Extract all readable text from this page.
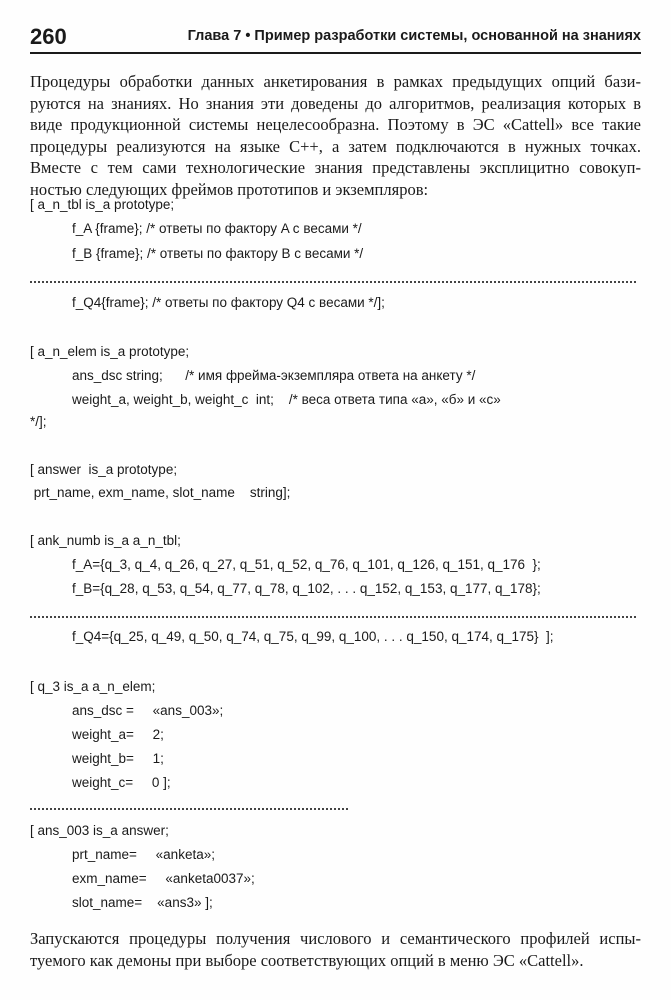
260	Глава 7 • Пример разработки системы, основанной на знаниях
Процедуры обработки данных анкетирования в рамках предыдущих опций бази-
руются на знаниях. Но знания эти доведены до алгоритмов, реализация которых в
виде продукционной системы нецелесообразна. Поэтому в ЭС «Cattell» все такие
процедуры реализуются на языке C++, а затем подключаются в нужных точках.
Вместе с тем сами технологические знания представлены эксплицитно совокуп-
ностью следующих фреймов прототипов и экземпляров:
[ a_n_tbl is_a prototype;
f_A {frame}; /* ответы по фактору A с весами */
f_B {frame}; /* ответы по фактору B с весами */
f_Q4{frame}; /* ответы по фактору Q4 с весами */];
[ a_n_elem is_a prototype;
ans_dsc string;      /* имя фрейма-экземпляра ответа на анкету */
weight_a, weight_b, weight_c  int;    /* веса ответа типа «a», «б» и «c»
*/];
[ answer  is_a prototype;
prt_name, exm_name, slot_name    string];
[ ank_numb is_a a_n_tbl;
f_A={q_3, q_4, q_26, q_27, q_51, q_52, q_76, q_101, q_126, q_151, q_176  };
f_B={q_28, q_53, q_54, q_77, q_78, q_102, . . . q_152, q_153, q_177, q_178};
f_Q4={q_25, q_49, q_50, q_74, q_75, q_99, q_100, . . . q_150, q_174, q_175}  ];
[ q_3 is_a a_n_elem;
ans_dsc =     «ans_003»;
weight_a=     2;
weight_b=     1;
weight_c=     0 ];
[ ans_003 is_a answer;
prt_name=     «anketa»;
exm_name=     «anketa0037»;
slot_name=    «ans3» ];
Запускаются процедуры получения числового и семантического профилей испы-
туемого как демоны при выборе соответствующих опций в меню ЭС «Cattell».
